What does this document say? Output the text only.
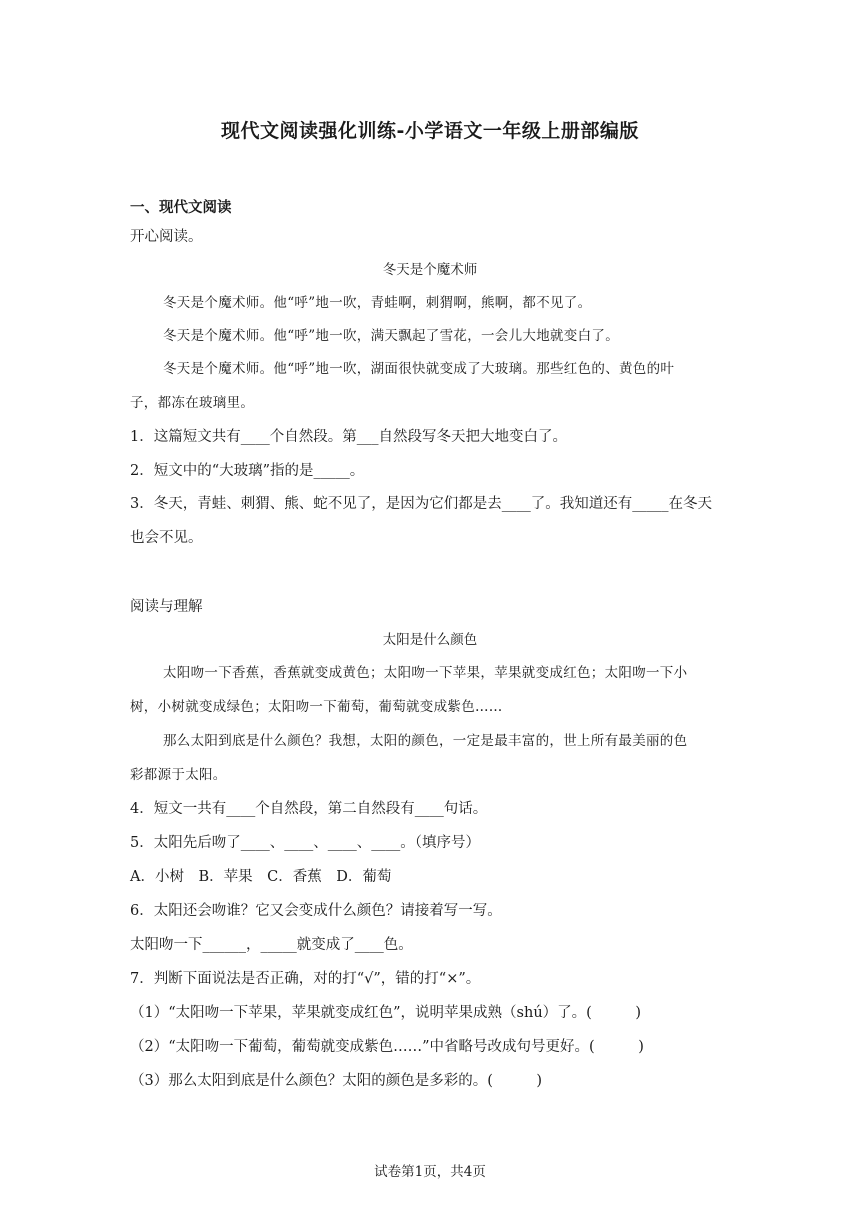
现代文阅读强化训练-小学语文一年级上册部编版
一、现代文阅读
开心阅读。
冬天是个魔术师
冬天是个魔术师。他“呼”地一吹，青蛙啊，刺猬啊，熊啊，都不见了。
冬天是个魔术师。他“呼”地一吹，满天飘起了雪花，一会儿大地就变白了。
冬天是个魔术师。他“呼”地一吹，湖面很快就变成了大玻璃。那些红色的、黄色的叶
子，都冻在玻璃里。
1．这篇短文共有____个自然段。第___自然段写冬天把大地变白了。
2．短文中的“大玻璃”指的是_____。
3．冬天，青蛙、刺猬、熊、蛇不见了，是因为它们都是去____了。我知道还有_____在冬天
也会不见。
阅读与理解
太阳是什么颜色
太阳吻一下香蕉，香蕉就变成黄色；太阳吻一下苹果，苹果就变成红色；太阳吻一下小
树，小树就变成绿色；太阳吻一下葡萄，葡萄就变成紫色……
那么太阳到底是什么颜色？我想，太阳的颜色，一定是最丰富的，世上所有最美丽的色
彩都源于太阳。
4．短文一共有____个自然段，第二自然段有____句话。
5．太阳先后吻了____、____、____、____。（填序号）
A．小树　B．苹果　C．香蕉　D．葡萄
6．太阳还会吻谁？它又会变成什么颜色？请接着写一写。
太阳吻一下______，_____就变成了____色。
7．判断下面说法是否正确，对的打“√”，错的打“×”。
（1）“太阳吻一下苹果，苹果就变成红色”，说明苹果成熟（shú）了。(　　　)
（2）“太阳吻一下葡萄，葡萄就变成紫色……”中省略号改成句号更好。(　　　)
（3）那么太阳到底是什么颜色？太阳的颜色是多彩的。(　　　)
试卷第1页，共4页
